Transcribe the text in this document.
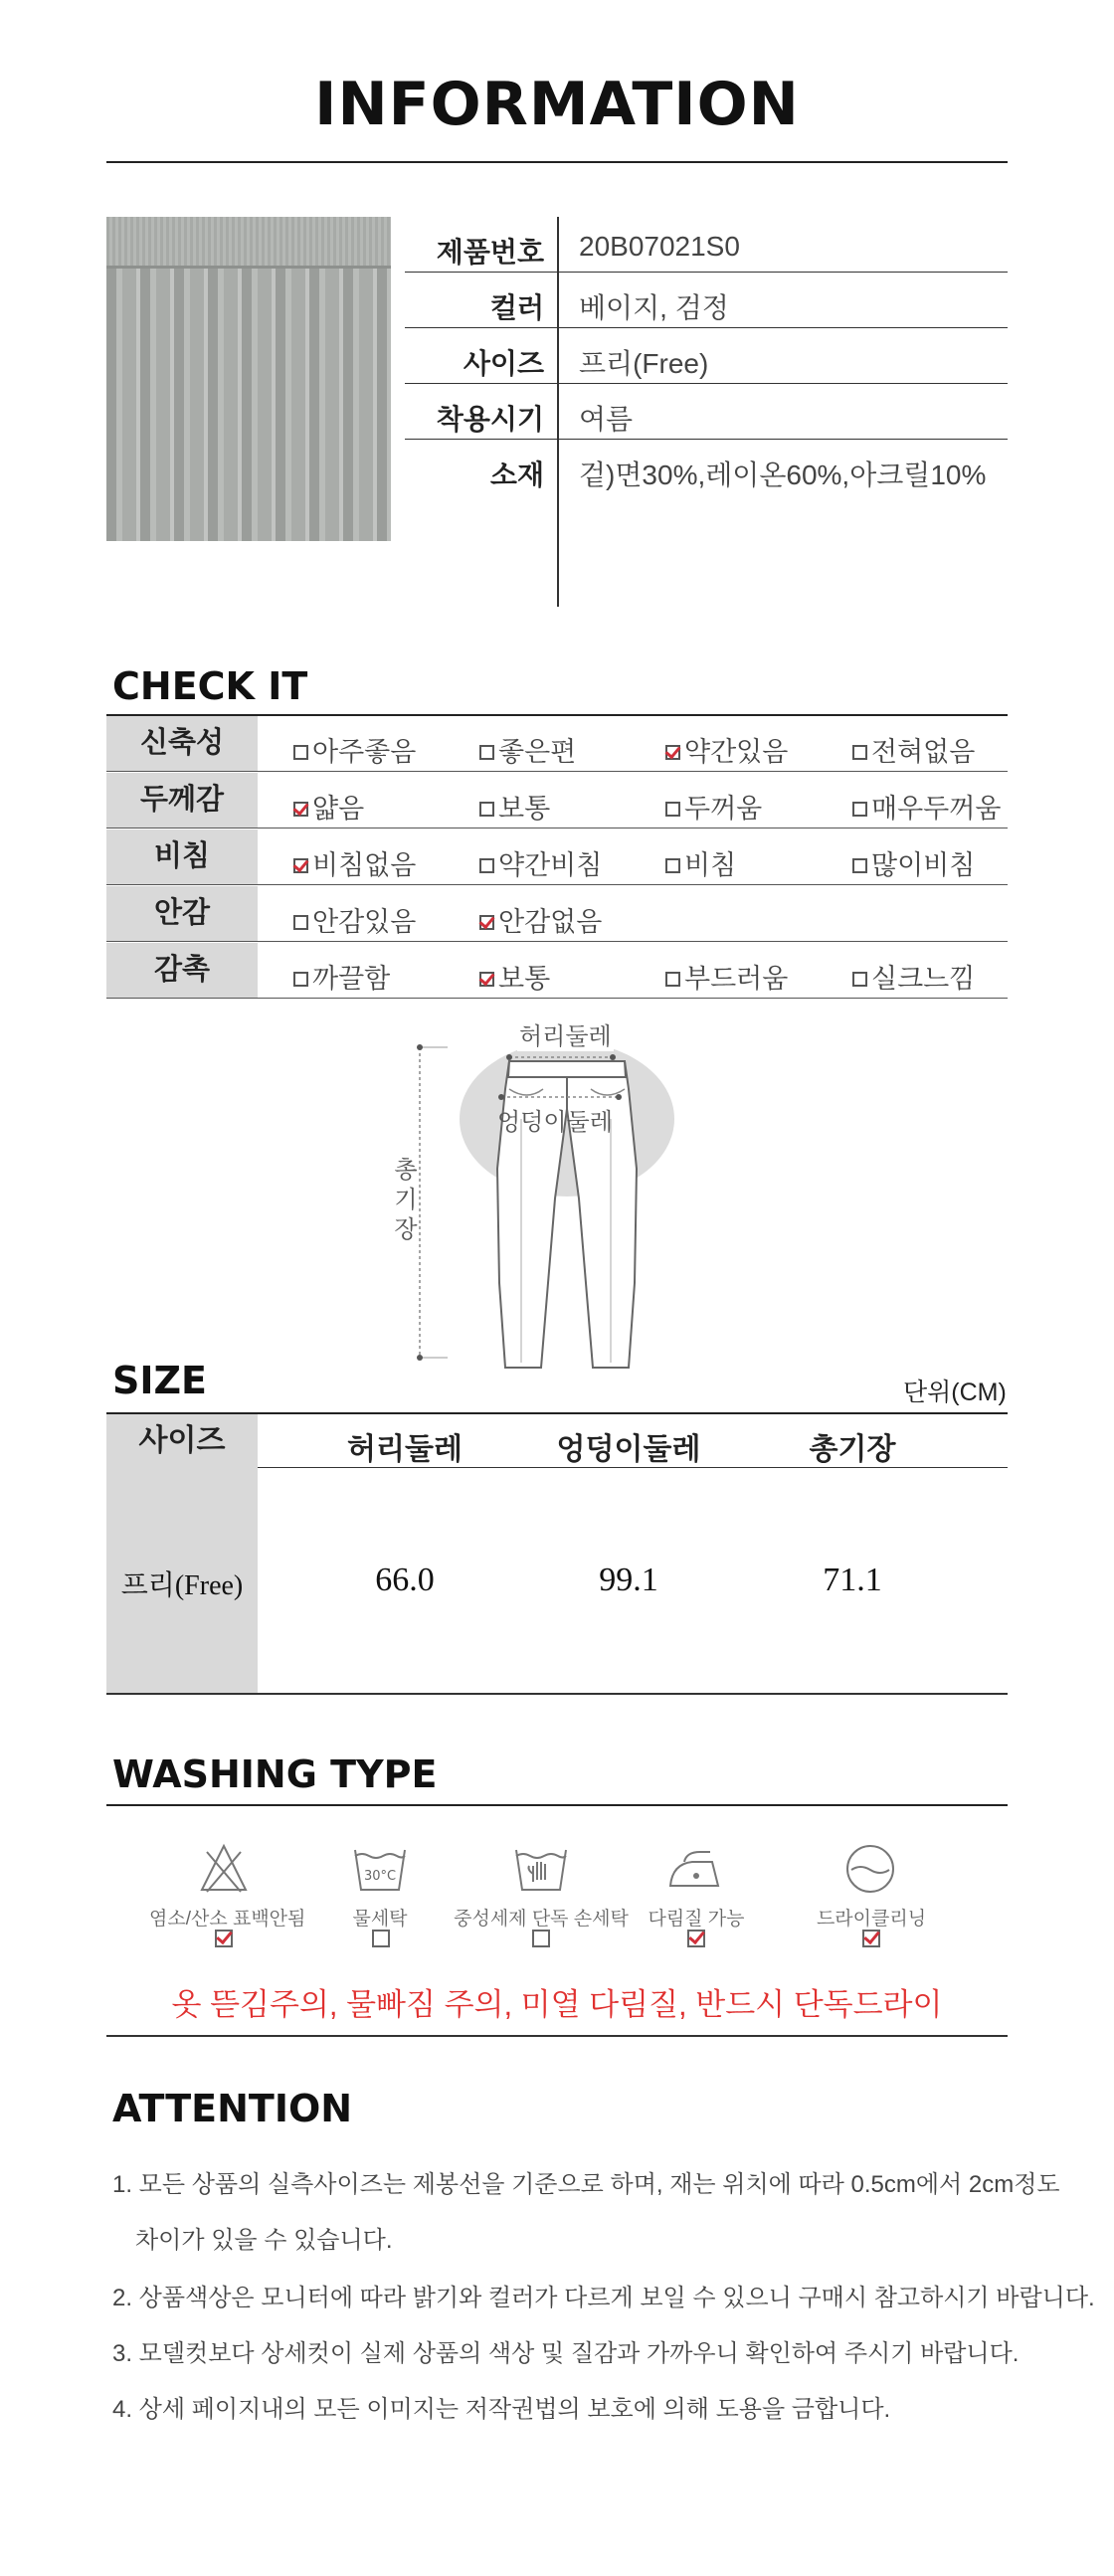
INFORMATION
제품번호 20B07021S0
컬러 베이지, 검정
사이즈 프리(Free)
착용시기 여름
소재 겉)면30%,레이온60%,아크릴10%
CHECK IT
신축성	아주좋음	좋은편	약간있음	전혀없음
두께감	얇음	보통	두꺼움	매우두꺼움
비침	비침없음	약간비침	비침	많이비침
안감	안감있음	안감없음
감촉	까끌함	보통	부드러움	실크느낌
허리둘레
엉덩이둘레
총
기
장
SIZE	단위(CM)
사이즈	허리둘레	엉덩이둘레	총기장
프리(Free)	66.0	99.1	71.1
WASHING TYPE
30°C
염소/산소 표백안됨	물세탁	중성세제 단독 손세탁	다림질 가능	드라이클리닝
옷 뜯김주의, 물빠짐 주의, 미열 다림질, 반드시 단독드라이
ATTENTION
1. 모든 상품의 실측사이즈는 제봉선을 기준으로 하며, 재는 위치에 따라 0.5cm에서 2cm정도
차이가 있을 수 있습니다.
2. 상품색상은 모니터에 따라 밝기와 컬러가 다르게 보일 수 있으니 구매시 참고하시기 바랍니다.
3. 모델컷보다 상세컷이 실제 상품의 색상 및 질감과 가까우니 확인하여 주시기 바랍니다.
4. 상세 페이지내의 모든 이미지는 저작권법의 보호에 의해 도용을 금합니다.
